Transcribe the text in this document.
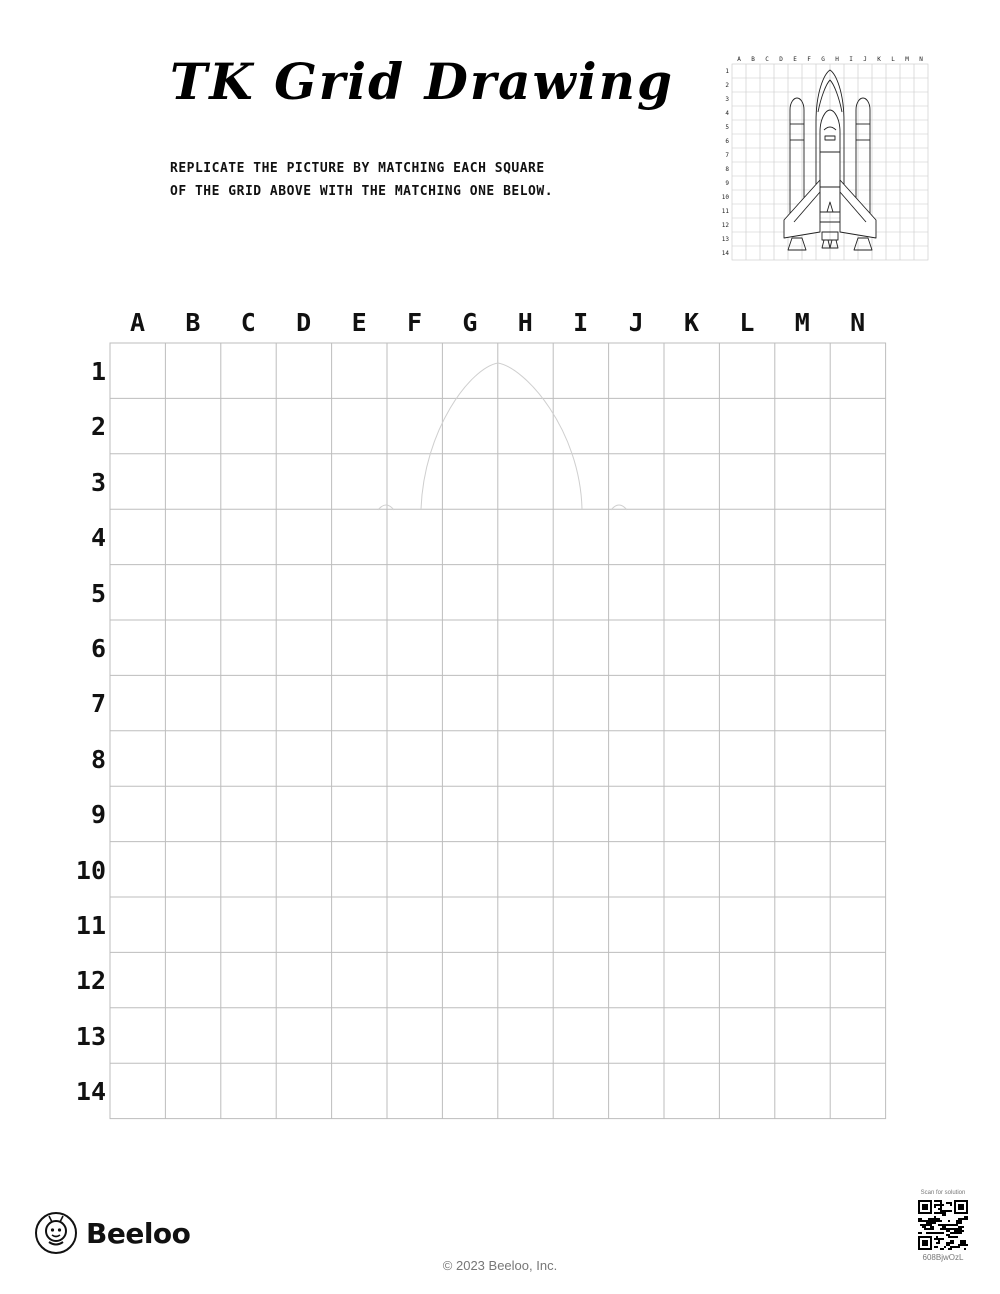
TK Grid Drawing
REPLICATE THE PICTURE BY MATCHING EACH SQUARE
OF THE GRID ABOVE WITH THE MATCHING ONE BELOW.
A B C D E F G H I J K L M N
1
2
3
4
5
6
7
8
9
10
11
12
13
14
A	B	C	D	E	F	G	H	I	J	K	L	M	N
1
2
3
4
5
6
7
8
9
10
11
12
13
14
Beeloo
© 2023 Beeloo, Inc.
Scan for solution
608BjwOzL
